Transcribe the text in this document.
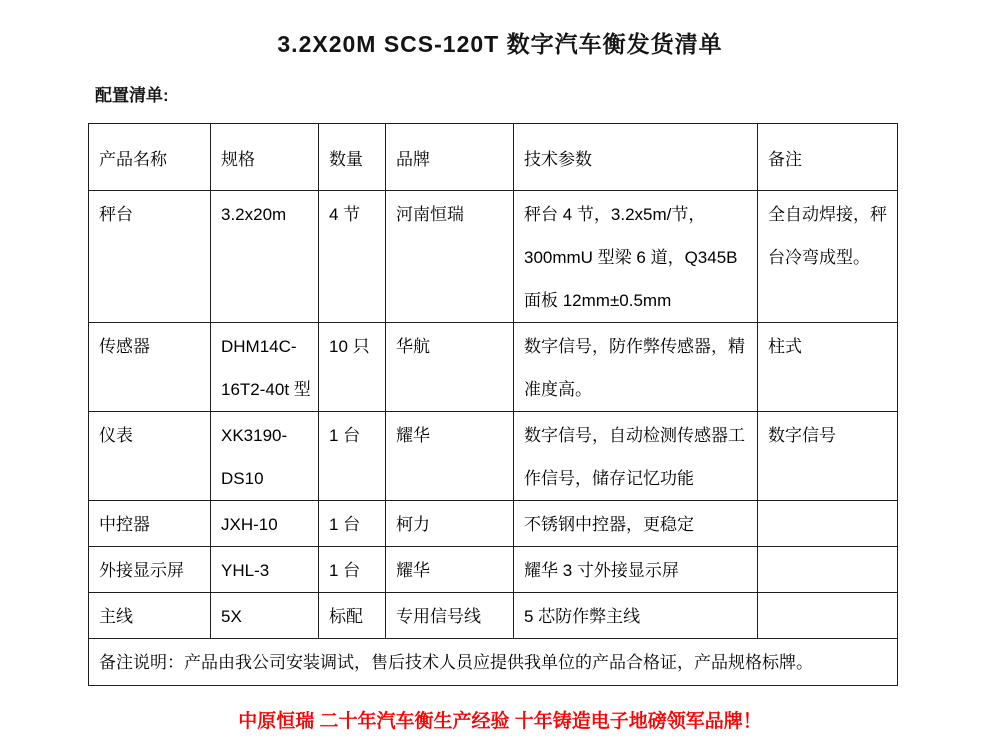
3.2X20M SCS-120T 数字汽车衡发货清单
配置清单:
产品名称	规格	数量	品牌	技术参数	备注
秤台	3.2x20m	4 节	河南恒瑞	秤台 4 节，3.2x5m/节，300mmU 型梁 6 道，Q345B 面板 12mm±0.5mm	全自动焊接，秤台冷弯成型。
传感器	DHM14C-16T2-40t 型	10 只	华航	数字信号，防作弊传感器，精准度高。	柱式
仪表	XK3190-DS10	1 台	耀华	数字信号，自动检测传感器工作信号，储存记忆功能	数字信号
中控器	JXH-10	1 台	柯力	不锈钢中控器，更稳定	
外接显示屏	YHL-3	1 台	耀华	耀华 3 寸外接显示屏	
主线	5X	标配	专用信号线	5 芯防作弊主线	
备注说明：产品由我公司安装调试，售后技术人员应提供我单位的产品合格证，产品规格标牌。					
中原恒瑞 二十年汽车衡生产经验 十年铸造电子地磅领军品牌！
